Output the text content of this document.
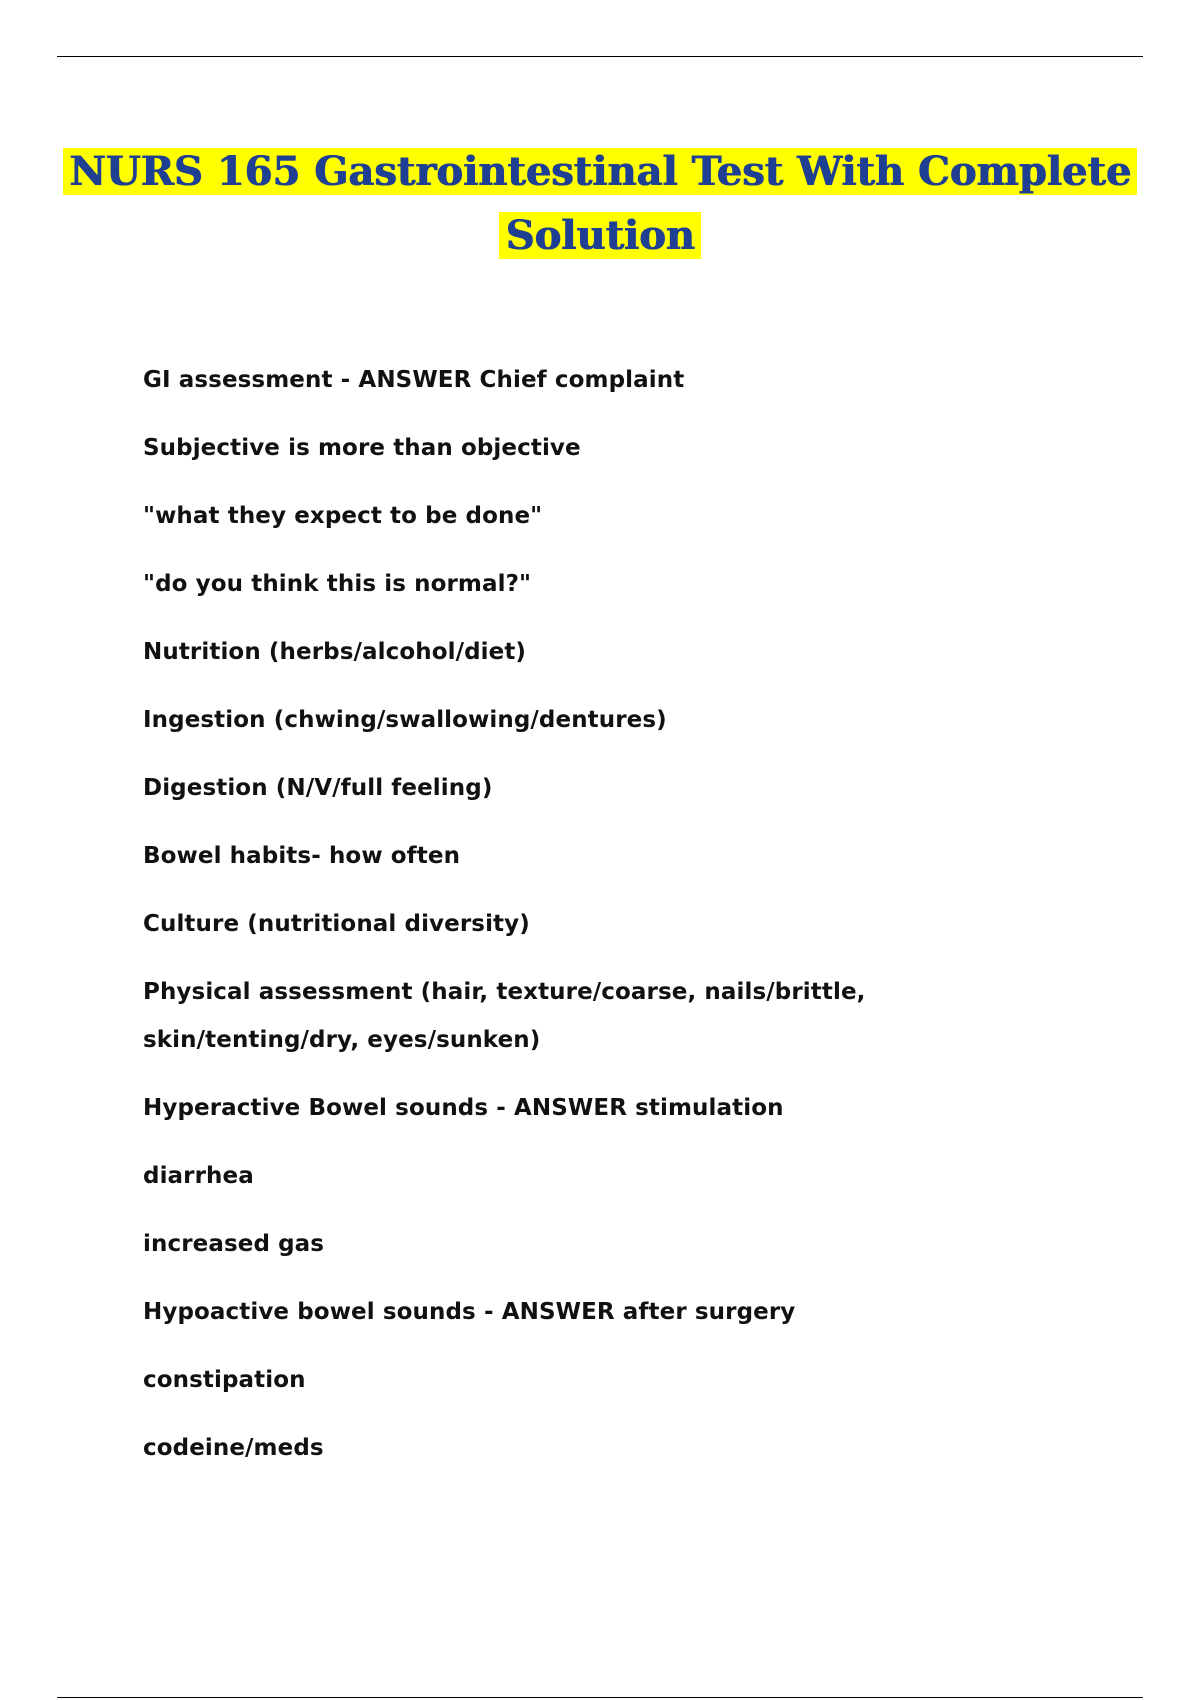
NURS 165 Gastrointestinal Test With Complete Solution
GI assessment - ANSWER Chief complaint
Subjective is more than objective
"what they expect to be done"
"do you think this is normal?"
Nutrition (herbs/alcohol/diet)
Ingestion (chwing/swallowing/dentures)
Digestion (N/V/full feeling)
Bowel habits- how often
Culture (nutritional diversity)
Physical assessment (hair, texture/coarse, nails/brittle, skin/tenting/dry, eyes/sunken)
Hyperactive Bowel sounds - ANSWER stimulation
diarrhea
increased gas
Hypoactive bowel sounds - ANSWER after surgery
constipation
codeine/meds
